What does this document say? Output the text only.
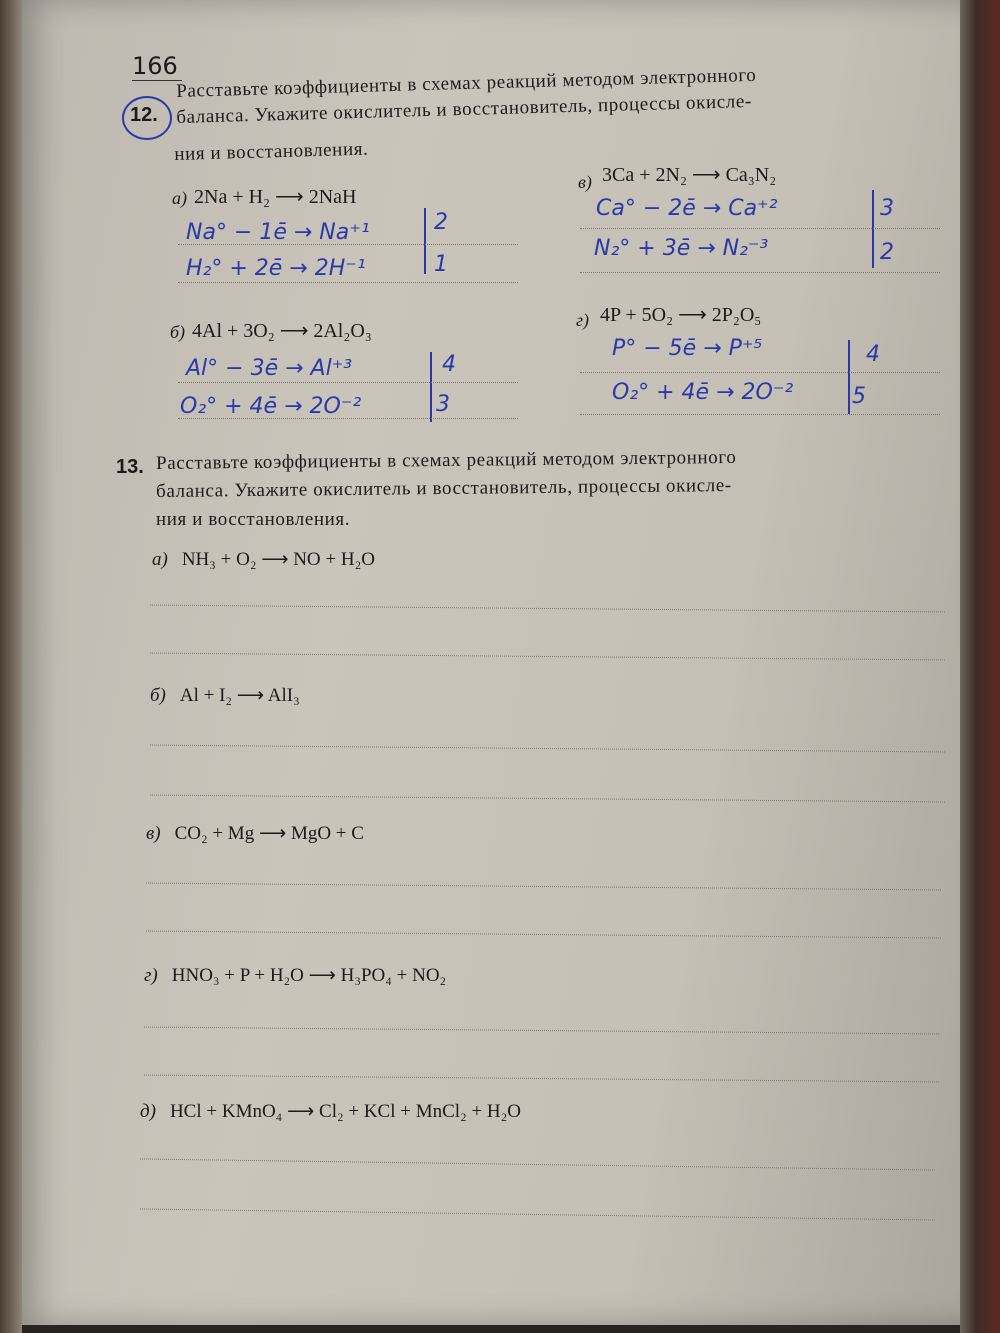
166
12.
Расставьте коэффициенты в схемах реакций методом электронного
баланса. Укажите окислитель и восстановитель, процессы окисле-
ния и восстановления.
а) 2Na + H₂ ⟶ 2NaH
Na° − 1ē → Na⁺¹
H₂° + 2ē → 2H⁻¹
2
1
б) 4Al + 3O₂ ⟶ 2Al₂O₃
Al° − 3ē → Al⁺³
O₂° + 4ē → 2O⁻²
4
3
в) 3Ca + 2N₂ ⟶ Ca₃N₂
Ca° − 2ē → Ca⁺²
N₂° + 3ē → N₂⁻³
3
2
г) 4P + 5O₂ ⟶ 2P₂O₅
P° − 5ē → P⁺⁵
O₂° + 4ē → 2O⁻²
4
5
13. Расставьте коэффициенты в схемах реакций методом электронного
баланса. Укажите окислитель и восстановитель, процессы окисле-
ния и восстановления.
а) NH₃ + O₂ ⟶ NO + H₂O
б) Al + I₂ ⟶ AlI₃
в) CO₂ + Mg ⟶ MgO + C
г) HNO₃ + P + H₂O ⟶ H₃PO₄ + NO₂
д) HCl + KMnO₄ ⟶ Cl₂ + KCl + MnCl₂ + H₂O
